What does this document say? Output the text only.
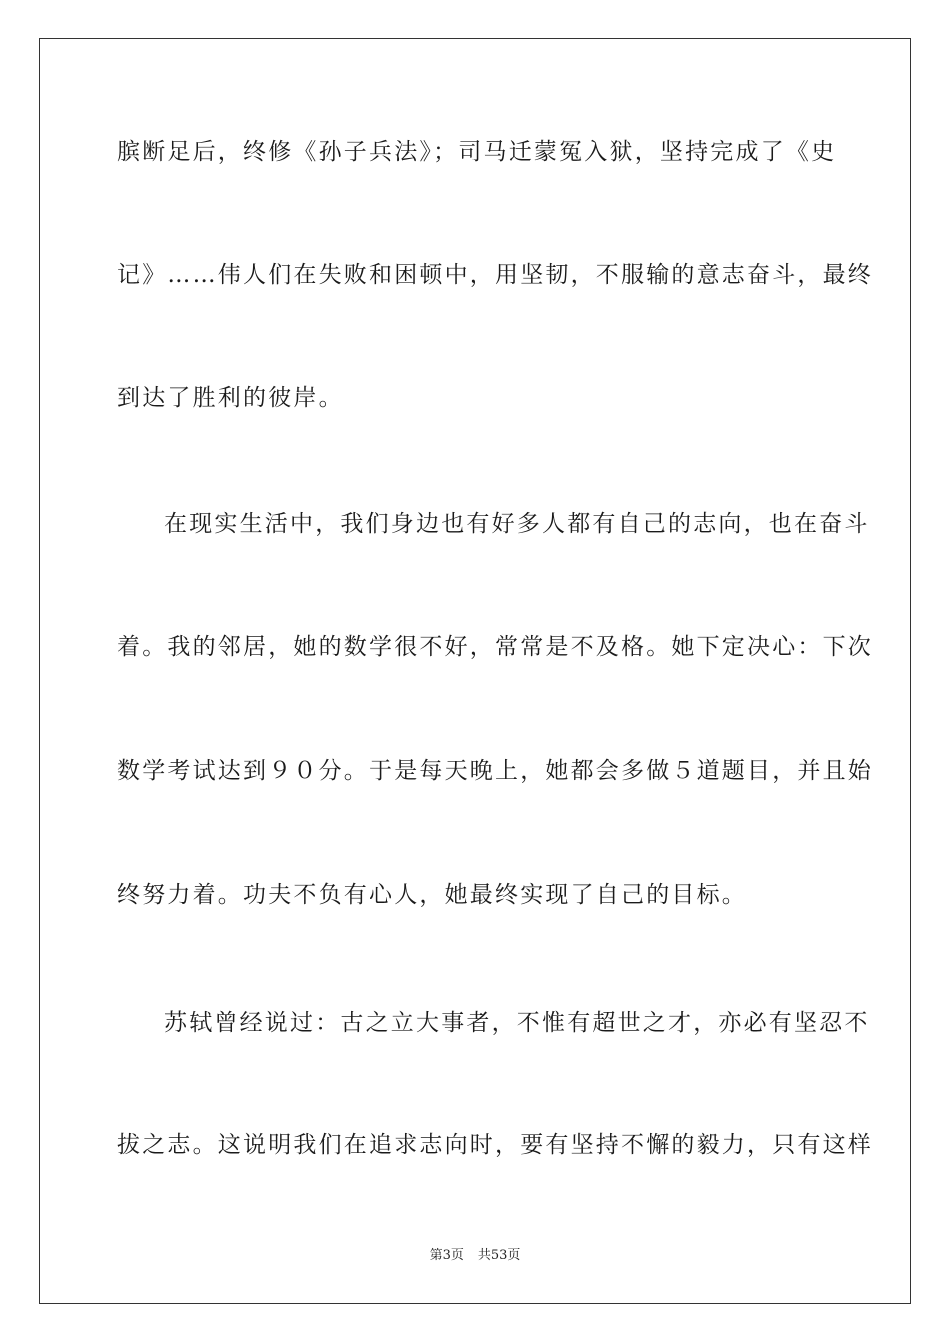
膑断足后，终修《孙子兵法》；司马迁蒙冤入狱，坚持完成了《史
记》……伟人们在失败和困顿中，用坚韧，不服输的意志奋斗，最终
到达了胜利的彼岸。
在现实生活中，我们身边也有好多人都有自己的志向，也在奋斗
着。我的邻居，她的数学很不好，常常是不及格。她下定决心：下次
数学考试达到９０分。于是每天晚上，她都会多做５道题目，并且始
终努力着。功夫不负有心人，她最终实现了自己的目标。
苏轼曾经说过：古之立大事者，不惟有超世之才，亦必有坚忍不
拔之志。这说明我们在追求志向时，要有坚持不懈的毅力，只有这样
第3页 共53页
